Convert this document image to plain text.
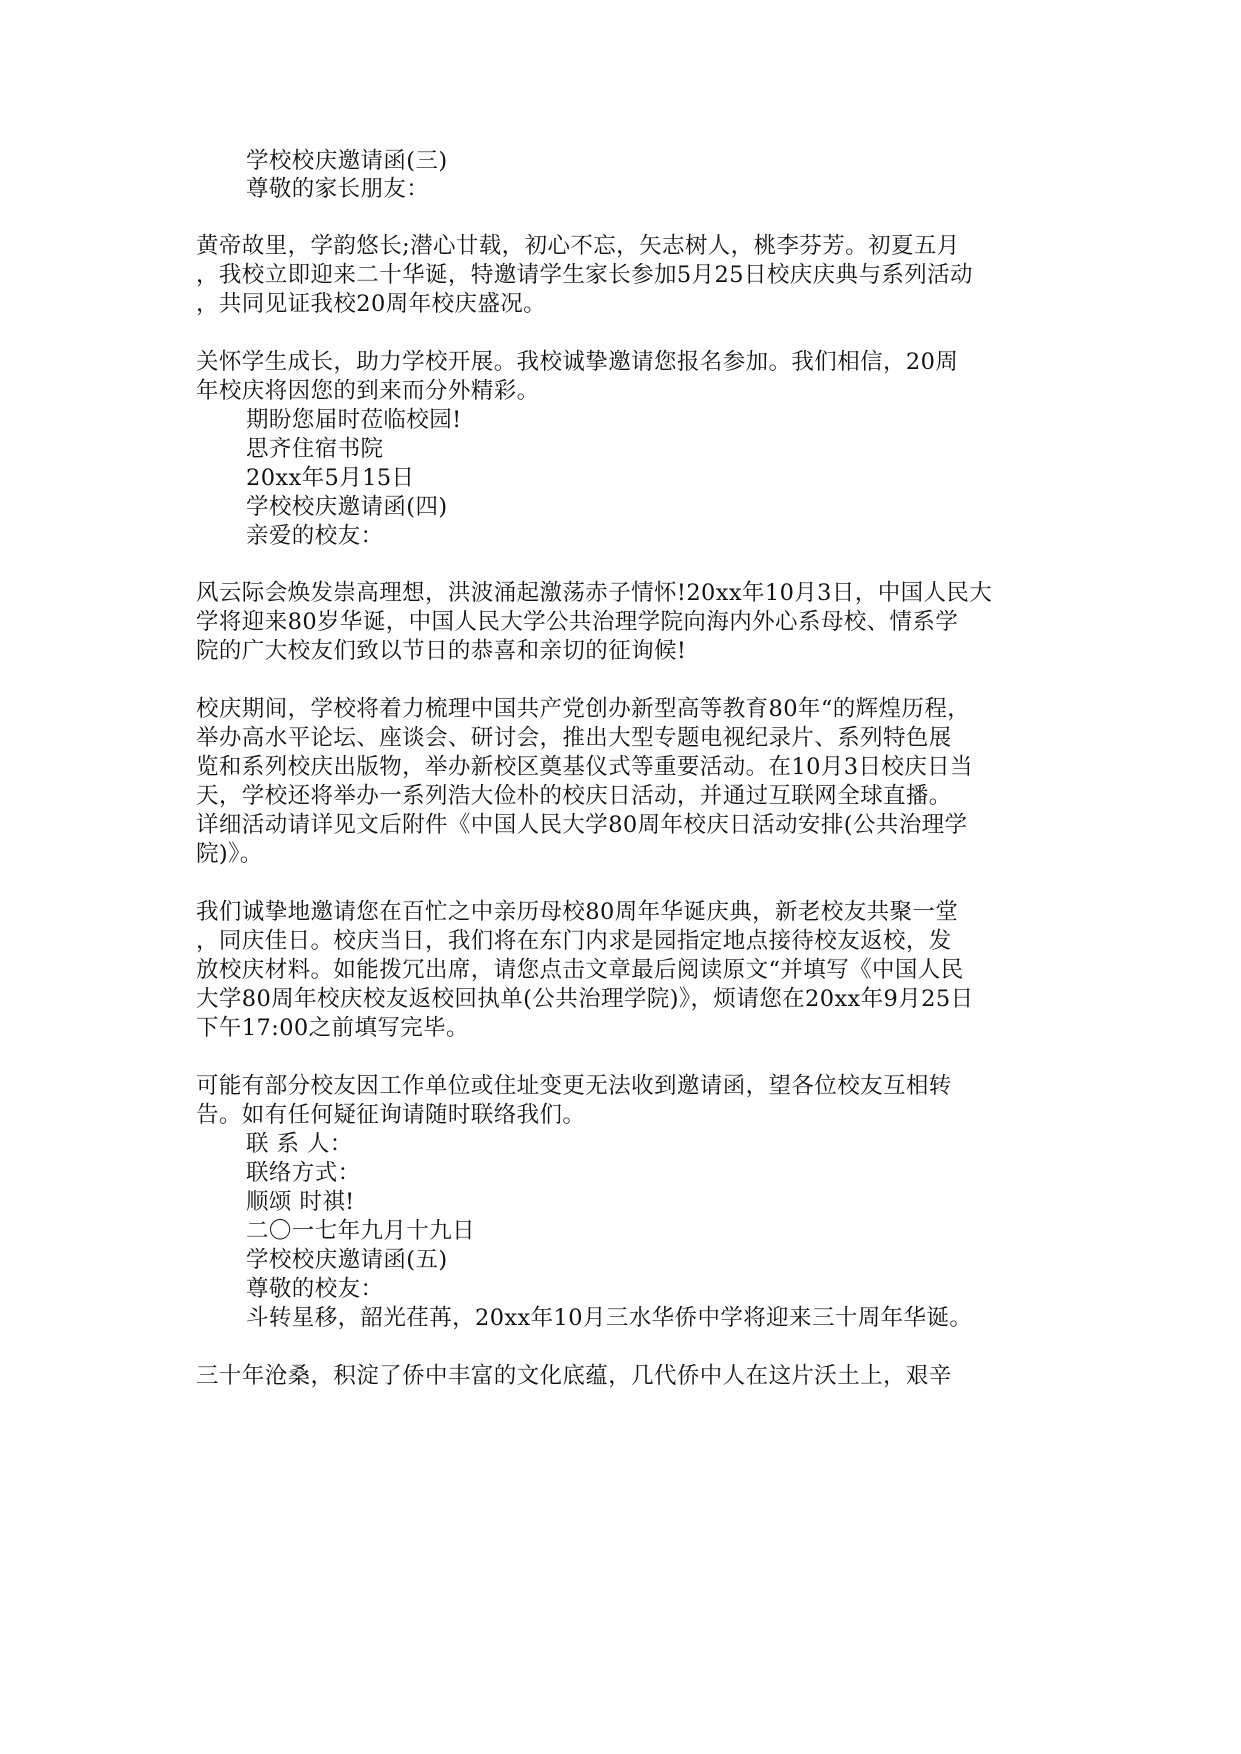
学校校庆邀请函(三)
尊敬的家长朋友：
黄帝故里，学韵悠长;潜心廿载，初心不忘，矢志树人，桃李芬芳。初夏五月
，我校立即迎来二十华诞，特邀请学生家长参加5月25日校庆庆典与系列活动
，共同见证我校20周年校庆盛况。
关怀学生成长，助力学校开展。我校诚挚邀请您报名参加。我们相信，20周
年校庆将因您的到来而分外精彩。
期盼您届时莅临校园!
思齐住宿书院
20xx年5月15日
学校校庆邀请函(四)
亲爱的校友：
风云际会焕发崇高理想，洪波涌起激荡赤子情怀!20xx年10月3日，中国人民大
学将迎来80岁华诞，中国人民大学公共治理学院向海内外心系母校、情系学
院的广大校友们致以节日的恭喜和亲切的征询候!
校庆期间，学校将着力梳理中国共产党创办新型高等教育80年“的辉煌历程，
举办高水平论坛、座谈会、研讨会，推出大型专题电视纪录片、系列特色展
览和系列校庆出版物，举办新校区奠基仪式等重要活动。在10月3日校庆日当
天，学校还将举办一系列浩大俭朴的校庆日活动，并通过互联网全球直播。
详细活动请详见文后附件《中国人民大学80周年校庆日活动安排(公共治理学
院)》。
我们诚挚地邀请您在百忙之中亲历母校80周年华诞庆典，新老校友共聚一堂
，同庆佳日。校庆当日，我们将在东门内求是园指定地点接待校友返校，发
放校庆材料。如能拨冗出席，请您点击文章最后阅读原文“并填写《中国人民
大学80周年校庆校友返校回执单(公共治理学院)》，烦请您在20xx年9月25日
下午17:00之前填写完毕。
可能有部分校友因工作单位或住址变更无法收到邀请函，望各位校友互相转
告。如有任何疑征询请随时联络我们。
联 系 人：
联络方式：
顺颂 时祺!
二〇一七年九月十九日
学校校庆邀请函(五)
尊敬的校友：
斗转星移，韶光荏苒，20xx年10月三水华侨中学将迎来三十周年华诞。
三十年沧桑，积淀了侨中丰富的文化底蕴，几代侨中人在这片沃土上，艰辛
